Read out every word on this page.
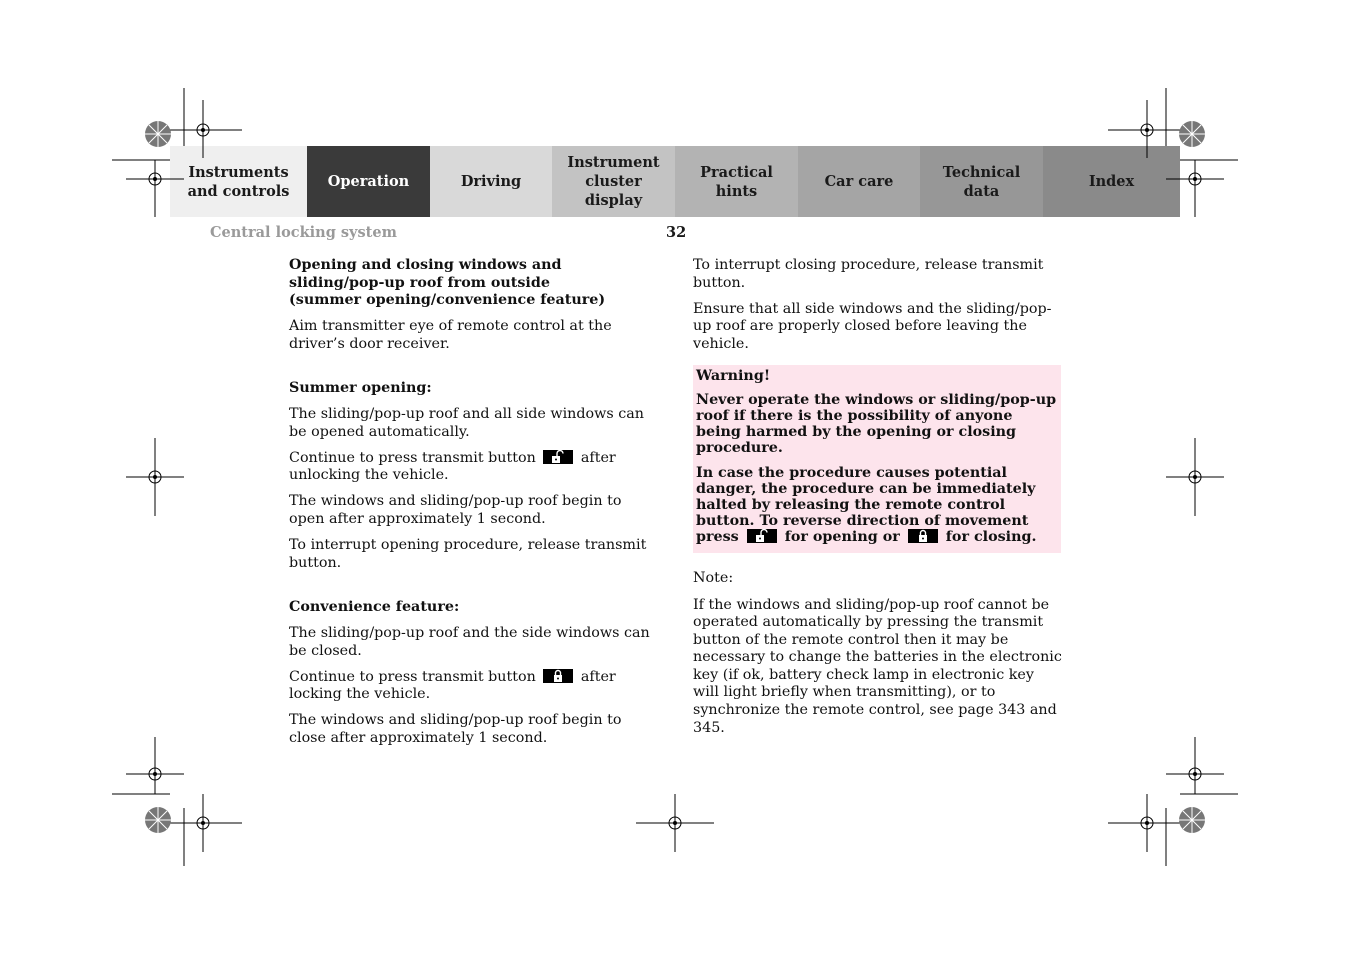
Instruments
and controls
Operation	Driving
Instrument
cluster display
Practical hints
Car care
Technical
data
Index
Central locking system	32
Opening and closing windows and sliding/pop-up roof from outside
(summer opening/convenience feature)

Aim transmitter eye of remote control at the driver’s door receiver.

Summer opening:

The sliding/pop-up roof and all side windows can be opened automatically.

Continue to press transmit button	after unlocking the vehicle.

The windows and sliding/pop-up roof begin to open after approximately 1 second.

To interrupt opening procedure, release transmit button.

Convenience feature:

The sliding/pop-up roof and the side windows can be closed.

Continue to press transmit button	after locking the vehicle.

The windows and sliding/pop-up roof begin to close after approximately 1 second.

To interrupt closing procedure, release transmit button.

Ensure that all side windows and the sliding/pop-up roof are properly closed before leaving the vehicle.

Warning!

Never operate the windows or sliding/pop-up roof if there is the possibility of anyone being harmed by the opening or closing procedure.

In case the procedure causes potential danger, the procedure can be immediately halted by releasing the remote control button. To reverse direction of movement press	for opening or	for closing.

Note:

If the windows and sliding/pop-up roof cannot be operated automatically by pressing the transmit button of the remote control then it may be necessary to change the batteries in the electronic key (if ok, battery check lamp in electronic key will light briefly when transmitting), or to synchronize the remote control, see page 343 and 345.
